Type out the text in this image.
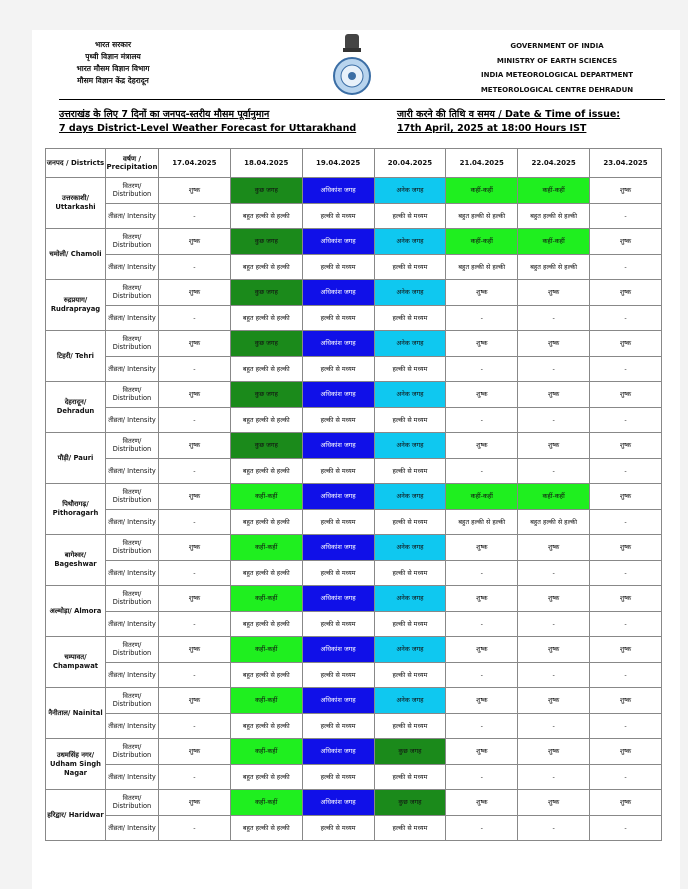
भारत सरकार
पृथ्वी विज्ञान मंत्रालय
भारत मौसम विज्ञान विभाग
मौसम विज्ञान केंद्र देहरादून
GOVERNMENT OF INDIA
MINISTRY OF EARTH SCIENCES
INDIA METEOROLOGICAL DEPARTMENT
METEOROLOGICAL CENTRE DEHRADUN
उत्तराखंड के लिए 7 दिनों का जनपद-स्तरीय मौसम पूर्वानुमान
7 days District-Level Weather Forecast for Uttarakhand
जारी करने की तिथि व समय / Date & Time of issue:
17th April, 2025 at 18:00 Hours IST
जनपद / Districts	वर्षण / Precipitation	17.04.2025	18.04.2025	19.04.2025	20.04.2025	21.04.2025	22.04.2025	23.04.2025
उत्तरकाशी/ Uttarkashi	वितरण/ Distribution	शुष्क	कुछ जगह	अधिकांश जगह	अनेक जगह	कहीं-कहीं	कहीं-कहीं	शुष्क
	तीव्रता/ Intensity	-	बहुत हल्की से हल्की	हल्की से मध्यम	हल्की से मध्यम	बहुत हल्की से हल्की	बहुत हल्की से हल्की	-
चमोली/ Chamoli	वितरण/ Distribution	शुष्क	कुछ जगह	अधिकांश जगह	अनेक जगह	कहीं-कहीं	कहीं-कहीं	शुष्क
	तीव्रता/ Intensity	-	बहुत हल्की से हल्की	हल्की से मध्यम	हल्की से मध्यम	बहुत हल्की से हल्की	बहुत हल्की से हल्की	-
रुद्रप्रयाग/ Rudraprayag	वितरण/ Distribution	शुष्क	कुछ जगह	अधिकांश जगह	अनेक जगह	शुष्क	शुष्क	शुष्क
	तीव्रता/ Intensity	-	बहुत हल्की से हल्की	हल्की से मध्यम	हल्की से मध्यम	-	-	-
टिहरी/ Tehri	वितरण/ Distribution	शुष्क	कुछ जगह	अधिकांश जगह	अनेक जगह	शुष्क	शुष्क	शुष्क
	तीव्रता/ Intensity	-	बहुत हल्की से हल्की	हल्की से मध्यम	हल्की से मध्यम	-	-	-
देहरादून/ Dehradun	वितरण/ Distribution	शुष्क	कुछ जगह	अधिकांश जगह	अनेक जगह	शुष्क	शुष्क	शुष्क
	तीव्रता/ Intensity	-	बहुत हल्की से हल्की	हल्की से मध्यम	हल्की से मध्यम	-	-	-
पौड़ी/ Pauri	वितरण/ Distribution	शुष्क	कुछ जगह	अधिकांश जगह	अनेक जगह	शुष्क	शुष्क	शुष्क
	तीव्रता/ Intensity	-	बहुत हल्की से हल्की	हल्की से मध्यम	हल्की से मध्यम	-	-	-
पिथौरागढ़/ Pithoragarh	वितरण/ Distribution	शुष्क	कहीं-कहीं	अधिकांश जगह	अनेक जगह	कहीं-कहीं	कहीं-कहीं	शुष्क
	तीव्रता/ Intensity	-	बहुत हल्की से हल्की	हल्की से मध्यम	हल्की से मध्यम	बहुत हल्की से हल्की	बहुत हल्की से हल्की	-
बागेश्वर/ Bageshwar	वितरण/ Distribution	शुष्क	कहीं-कहीं	अधिकांश जगह	अनेक जगह	शुष्क	शुष्क	शुष्क
	तीव्रता/ Intensity	-	बहुत हल्की से हल्की	हल्की से मध्यम	हल्की से मध्यम	-	-	-
अल्मोड़ा/ Almora	वितरण/ Distribution	शुष्क	कहीं-कहीं	अधिकांश जगह	अनेक जगह	शुष्क	शुष्क	शुष्क
	तीव्रता/ Intensity	-	बहुत हल्की से हल्की	हल्की से मध्यम	हल्की से मध्यम	-	-	-
चम्पावत/ Champawat	वितरण/ Distribution	शुष्क	कहीं-कहीं	अधिकांश जगह	अनेक जगह	शुष्क	शुष्क	शुष्क
	तीव्रता/ Intensity	-	बहुत हल्की से हल्की	हल्की से मध्यम	हल्की से मध्यम	-	-	-
नैनीताल/ Nainital	वितरण/ Distribution	शुष्क	कहीं-कहीं	अधिकांश जगह	अनेक जगह	शुष्क	शुष्क	शुष्क
	तीव्रता/ Intensity	-	बहुत हल्की से हल्की	हल्की से मध्यम	हल्की से मध्यम	-	-	-
उधमसिंह नगर/ Udham Singh Nagar	वितरण/ Distribution	शुष्क	कहीं-कहीं	अधिकांश जगह	कुछ जगह	शुष्क	शुष्क	शुष्क
	तीव्रता/ Intensity	-	बहुत हल्की से हल्की	हल्की से मध्यम	हल्की से मध्यम	-	-	-
हरिद्वार/ Haridwar	वितरण/ Distribution	शुष्क	कहीं-कहीं	अधिकांश जगह	कुछ जगह	शुष्क	शुष्क	शुष्क
	तीव्रता/ Intensity	-	बहुत हल्की से हल्की	हल्की से मध्यम	हल्की से मध्यम	-	-	-
